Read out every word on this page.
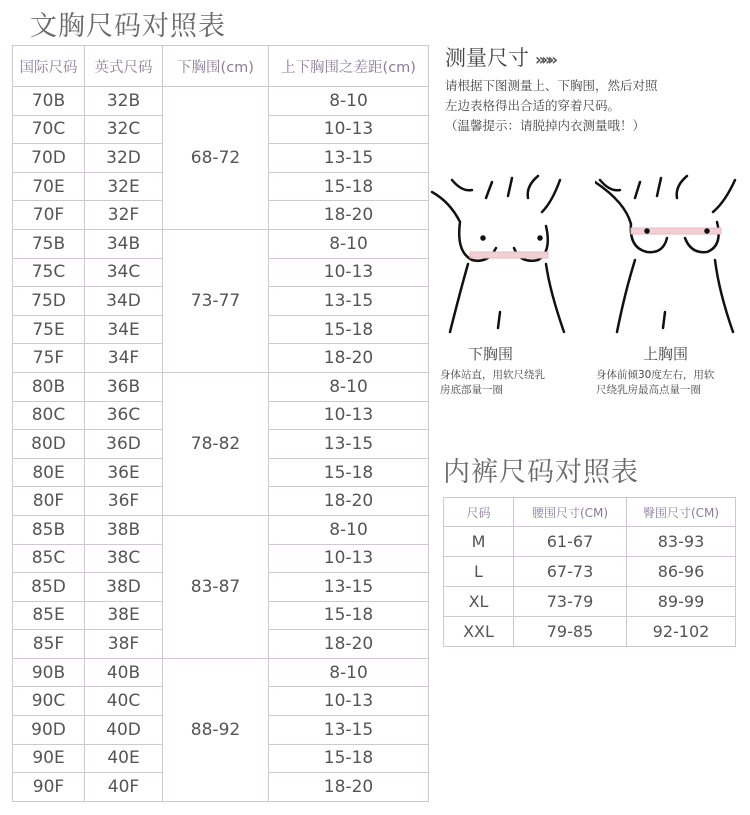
文胸尺码对照表
国际尺码	英式尺码	下胸围(cm)	上下胸围之差距(cm)
70B	32B	68-72	8-10
70C	32C		10-13
70D	32D		13-15
70E	32E		15-18
70F	32F		18-20
75B	34B	73-77	8-10
75C	34C		10-13
75D	34D		13-15
75E	34E		15-18
75F	34F		18-20
80B	36B	78-82	8-10
80C	36C		10-13
80D	36D		13-15
80E	36E		15-18
80F	36F		18-20
85B	38B	83-87	8-10
85C	38C		10-13
85D	38D		13-15
85E	38E		15-18
85F	38F		18-20
90B	40B	88-92	8-10
90C	40C		10-13
90D	40D		13-15
90E	40E		15-18
90F	40F		18-20
测量尺寸 »»»

请根据下图测量上、下胸围，然后对照

左边表格得出合适的穿着尺码。

（温馨提示：请脱掉内衣测量哦！）

下胸围
身体站直，用软尺绕乳
房底部量一圈
上胸围
身体前倾30度左右，用软
尺绕乳房最高点量一圈
内裤尺码对照表
尺码	腰围尺寸(CM)	臀围尺寸(CM)
M	61-67	83-93
L	67-73	86-96
XL	73-79	89-99
XXL	79-85	92-102
